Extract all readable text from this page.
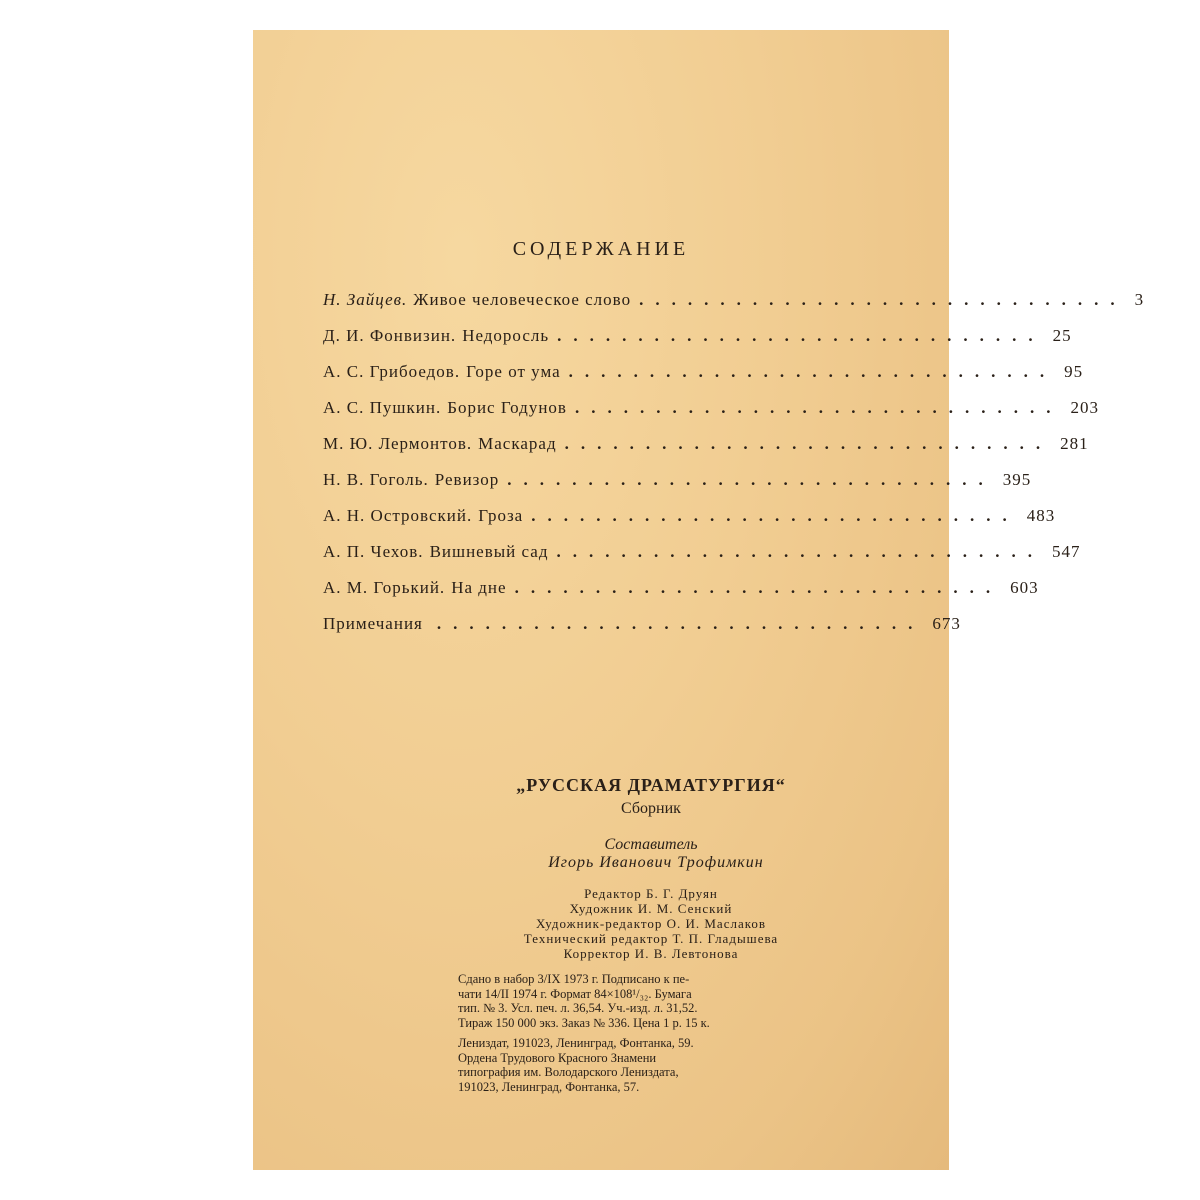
СОДЕРЖАНИЕ
Н. Зайцев. Живое человеческое слово .............................. 3
Д. И. Фонвизин. Недоросль .............................. 25
А. С. Грибоедов. Горе от ума .............................. 95
А. С. Пушкин. Борис Годунов .............................. 203
М. Ю. Лермонтов. Маскарад .............................. 281
Н. В. Гоголь. Ревизор .............................. 395
А. Н. Островский. Гроза .............................. 483
А. П. Чехов. Вишневый сад .............................. 547
А. М. Горький. На дне .............................. 603
Примечания .............................. 673
„РУССКАЯ ДРАМАТУРГИЯ“
Сборник
Составитель
Игорь Иванович Трофимкин
Редактор Б. Г. Друян
Художник И. М. Сенский
Художник-редактор О. И. Маслаков
Технический редактор Т. П. Гладышева
Корректор И. В. Левтонова

Сдано в набор 3/IX 1973 г. Подписано к пе-
чати 14/II 1974 г. Формат 84×108¹/₃₂. Бумага
тип. № 3. Усл. печ. л. 36,54. Уч.-изд. л. 31,52.
Тираж 150 000 экз. Заказ № 336. Цена 1 р. 15 к.

Лениздат, 191023, Ленинград, Фонтанка, 59.
Ордена Трудового Красного Знамени
типография им. Володарского Лениздата,
191023, Ленинград, Фонтанка, 57.
